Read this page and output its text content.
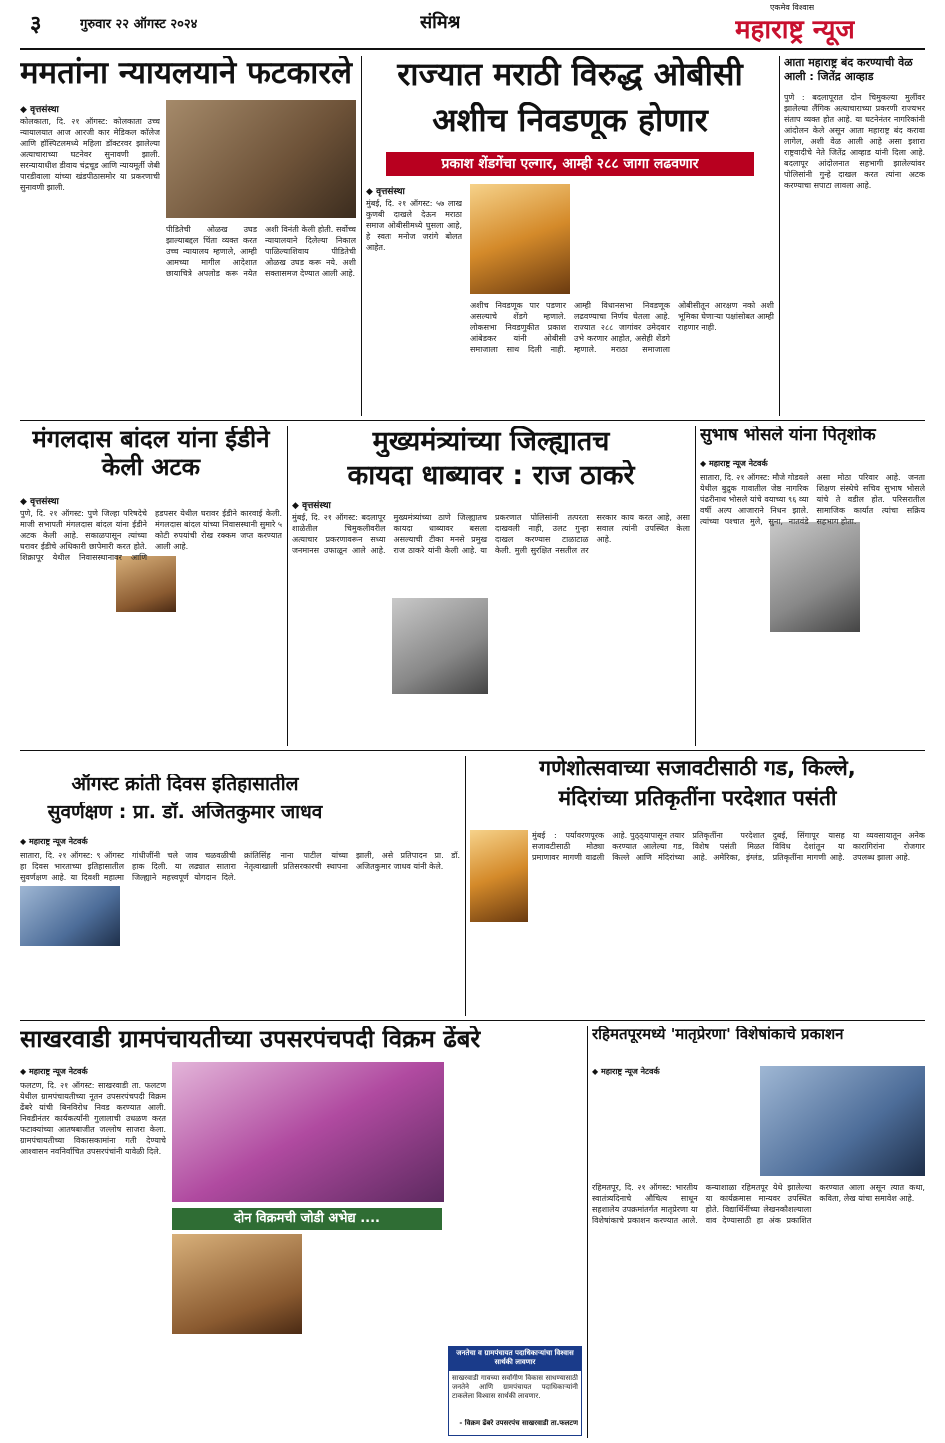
३	गुरुवार २२ ऑगस्ट २०२४	संमिश्र
एकमेव विश्वास
महाराष्ट्र न्यूज
ममतांना न्यायलयाने फटकारले
◆ वृत्तसंस्था
कोलकाता, दि. २१ ऑगस्ट: कोलकाता उच्च न्यायालयात आज आरजी कार मेडिकल कॉलेज आणि हॉस्पिटलमध्ये महिला डॉक्टरवर झालेल्या अत्याचाराच्या घटनेवर सुनावणी झाली. सरन्यायाधीश डीवाय चंद्रचूड आणि न्यायमूर्ती जेबी पारडीवाला यांच्या खंडपीठासमोर या प्रकरणाची सुनावणी झाली.
पीडितेची ओळख उघड झाल्याबद्दल चिंता व्यक्त करत उच्च न्यायालय म्हणाले, आम्ही आमच्या मागील आदेशात छायाचित्रे अपलोड करू नयेत अशी विनंती केली होती. सर्वोच्च न्यायालयाने दिलेल्या निकाल पाळिल्याशिवाय पीडितेची ओळख उघड करू नये. अशी सक्तासमज देण्यात आली आहे.
राज्यात मराठी विरुद्ध ओबीसी
अशीच निवडणूक होणार
प्रकाश शेंडगेंचा एल्गार, आम्ही २८८ जागा लढवणार
◆ वृत्तसंस्था
मुंबई, दि. २१ ऑगस्ट: ५७ लाख कुणबी दाखले देऊन मराठा समाज ओबीसीमध्ये घुसला आहे, हे स्वतः मनोज जरांगे बोलत आहेत.
अशीच निवडणूक पार पडणार असल्याचे शेंडगे म्हणाले. लोकसभा निवडणुकीत प्रकाश आंबेडकर यांनी ओबीसी समाजाला साथ दिली नाही. आम्ही विधानसभा निवडणूक लढवण्याचा निर्णय घेतला आहे. राज्यात २८८ जागांवर उमेदवार उभे करणार आहोत, असेही शेंडगे म्हणाले. मराठा समाजाला ओबीसीतून आरक्षण नको अशी भूमिका घेणाऱ्या पक्षांसोबत आम्ही राहणार नाही.
आता महाराष्ट्र बंद करण्याची वेळ आली : जितेंद्र आव्हाड
पुणे : बदलापूरात दोन चिमुकल्या मुलींवर झालेल्या लैंगिक अत्याचाराच्या प्रकरणी राज्यभर संताप व्यक्त होत आहे. या घटनेनंतर नागरिकांनी आंदोलन केले असून आता महाराष्ट्र बंद करावा लागेल, अशी वेळ आली आहे असा इशारा राष्ट्रवादीचे नेते जितेंद्र आव्हाड यांनी दिला आहे. बदलापूर आंदोलनात सहभागी झालेल्यांवर पोलिसांनी गुन्हे दाखल करत त्यांना अटक करण्याचा सपाटा लावला आहे.
मंगलदास बांदल यांना ईडीने केली अटक
◆ वृत्तसंस्था
पुणे, दि. २१ ऑगस्ट: पुणे जिल्हा परिषदेचे माजी सभापती मंगलदास बांदल यांना ईडीने अटक केली आहे. सकाळपासून त्यांच्या घरावर ईडीचे अधिकारी छापेमारी करत होते. शिक्रापूर येथील निवासस्थानावर आणि हडपसर येथील घरावर ईडीने कारवाई केली. मंगलदास बांदल यांच्या निवासस्थानी सुमारे ५ कोटी रुपयांची रोख रक्कम जप्त करण्यात आली आहे.
मुख्यमंत्र्यांच्या जिल्ह्यातच
कायदा धाब्यावर : राज ठाकरे
◆ वृत्तसंस्था
मुंबई, दि. २१ ऑगस्ट: बदलापूर शाळेतील चिमुकलीवरील अत्याचार प्रकरणावरून सध्या जनमानस उफाळून आले आहे. मुख्यमंत्र्यांच्या ठाणे जिल्ह्यातच कायदा धाब्यावर बसला असल्याची टीका मनसे प्रमुख राज ठाकरे यांनी केली आहे. या प्रकरणात पोलिसांनी तत्परता दाखवली नाही, उलट गुन्हा दाखल करण्यास टाळाटाळ केली. मुली सुरक्षित नसतील तर सरकार काय करत आहे, असा सवाल त्यांनी उपस्थित केला आहे.
सुभाष भोसले यांना पितृशोक
◆ महाराष्ट्र न्यूज नेटवर्क
सातारा, दि. २१ ऑगस्ट: मौजे गोडवले येथील बुद्रुक गावातील जेष्ठ नागरिक पंढरीनाथ भोसले यांचे वयाच्या ९६ व्या वर्षी अल्प आजाराने निधन झाले. त्यांच्या पश्चात मुले, सुना, नातवंडे असा मोठा परिवार आहे. जनता शिक्षण संस्थेचे सचिव सुभाष भोसले यांचे ते वडील होत. परिसरातील सामाजिक कार्यात त्यांचा सक्रिय सहभाग होता.
ऑगस्ट क्रांती दिवस इतिहासातील
सुवर्णक्षण : प्रा. डॉ. अजितकुमार जाधव
◆ महाराष्ट्र न्यूज नेटवर्क
सातारा, दि. २१ ऑगस्ट: ९ ऑगस्ट हा दिवस भारताच्या इतिहासातील सुवर्णक्षण आहे. या दिवशी महात्मा गांधीजींनी चले जाव चळवळीची हाक दिली. या लढ्यात सातारा जिल्ह्याने महत्त्वपूर्ण योगदान दिले. क्रांतिसिंह नाना पाटील यांच्या नेतृत्वाखाली प्रतिसरकारची स्थापना झाली, असे प्रतिपादन प्रा. डॉ. अजितकुमार जाधव यांनी केले.
गणेशोत्सवाच्या सजावटीसाठी गड, किल्ले,
मंदिरांच्या प्रतिकृतींना परदेशात पसंती
मुंबई : पर्यावरणपूरक सजावटीसाठी मोठ्या प्रमाणावर मागणी वाढली आहे. पुठ्ठ्यापासून तयार करण्यात आलेल्या गड, किल्ले आणि मंदिरांच्या प्रतिकृतींना परदेशात विशेष पसंती मिळत आहे. अमेरिका, इंग्लंड, दुबई, सिंगापूर यासह विविध देशांतून या प्रतिकृतींना मागणी आहे. या व्यवसायातून अनेक कारागिरांना रोजगार उपलब्ध झाला आहे.
साखरवाडी ग्रामपंचायतीच्या उपसरपंचपदी विक्रम ढेंबरे
◆ महाराष्ट्र न्यूज नेटवर्क
फलटण, दि. २१ ऑगस्ट: साखरवाडी ता. फलटण येथील ग्रामपंचायतीच्या नूतन उपसरपंचपदी विक्रम ढेंबरे यांची बिनविरोध निवड करण्यात आली. निवडीनंतर कार्यकर्त्यांनी गुलालाची उधळण करत फटाक्यांच्या आतषबाजीत जल्लोष साजरा केला. ग्रामपंचायतीच्या विकासकामांना गती देण्याचे आश्वासन नवनिर्वाचित उपसरपंचांनी यावेळी दिले.
दोन विक्रमची जोडी अभेद्य ....
जनतेचा व ग्रामपंचायत पदाधिकाऱ्यांचा विश्वास सार्थकी लावणार
साखरवाडी गावच्या सर्वांगीण विकास साधण्यासाठी जनतेने आणि ग्रामपंचायत पदाधिकाऱ्यांनी टाकलेला विश्वास सार्थकी लावणार.
- विक्रम ढेंबरे उपसरपंच साखरवाडी ता.फलटण
रहिमतपूरमध्ये 'मातृप्रेरणा' विशेषांकाचे प्रकाशन
◆ महाराष्ट्र न्यूज नेटवर्क
रहिमतपूर, दि. २१ ऑगस्ट: भारतीय स्वातंत्र्यदिनाचे औचित्य साधून सहशालेय उपक्रमांतर्गत मातृप्रेरणा या विशेषांकाचे प्रकाशन करण्यात आले. कन्याशाळा रहिमतपूर येथे झालेल्या या कार्यक्रमास मान्यवर उपस्थित होते. विद्यार्थिनींच्या लेखनकौशल्याला वाव देण्यासाठी हा अंक प्रकाशित करण्यात आला असून त्यात कथा, कविता, लेख यांचा समावेश आहे.
